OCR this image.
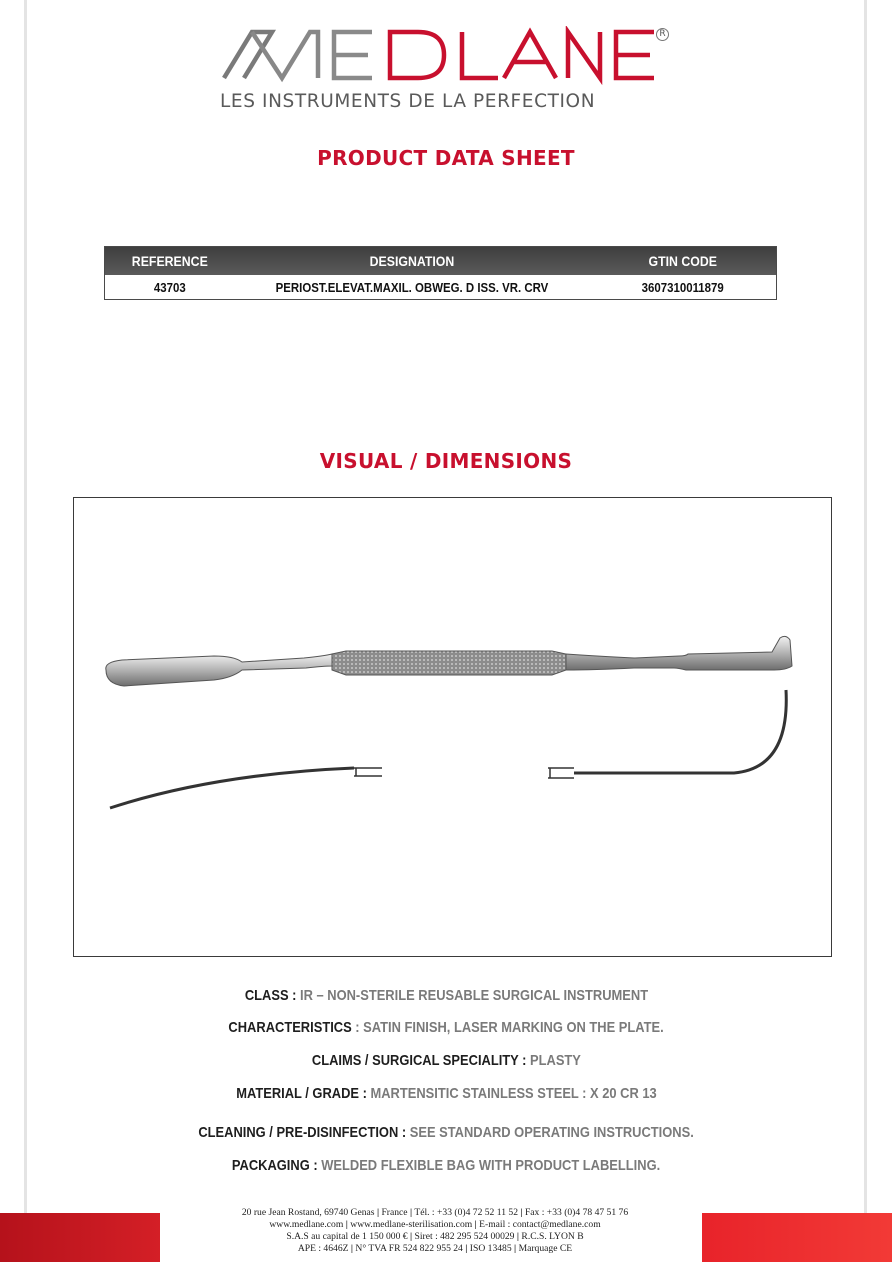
R
LES INSTRUMENTS DE LA PERFECTION
PRODUCT DATA SHEET
REFERENCE	DESIGNATION	GTIN CODE
43703	PERIOST.ELEVAT.MAXIL. OBWEG. D ISS. VR. CRV	3607310011879
VISUAL / DIMENSIONS
CLASS : IR – NON-STERILE REUSABLE SURGICAL INSTRUMENT
CHARACTERISTICS : SATIN FINISH, LASER MARKING ON THE PLATE.
CLAIMS / SURGICAL SPECIALITY : PLASTY
MATERIAL / GRADE : MARTENSITIC STAINLESS STEEL : X 20 CR 13
CLEANING / PRE-DISINFECTION : SEE STANDARD OPERATING INSTRUCTIONS.
PACKAGING : WELDED FLEXIBLE BAG WITH PRODUCT LABELLING.
20 rue Jean Rostand, 69740 Genas | France | Tél. : +33 (0)4 72 52 11 52 | Fax : +33 (0)4 78 47 51 76
www.medlane.com | www.medlane-sterilisation.com | E-mail : contact@medlane.com
S.A.S au capital de 1 150 000 € | Siret : 482 295 524 00029 | R.C.S. LYON B
APE : 4646Z | N° TVA FR 524 822 955 24 | ISO 13485 | Marquage CE
